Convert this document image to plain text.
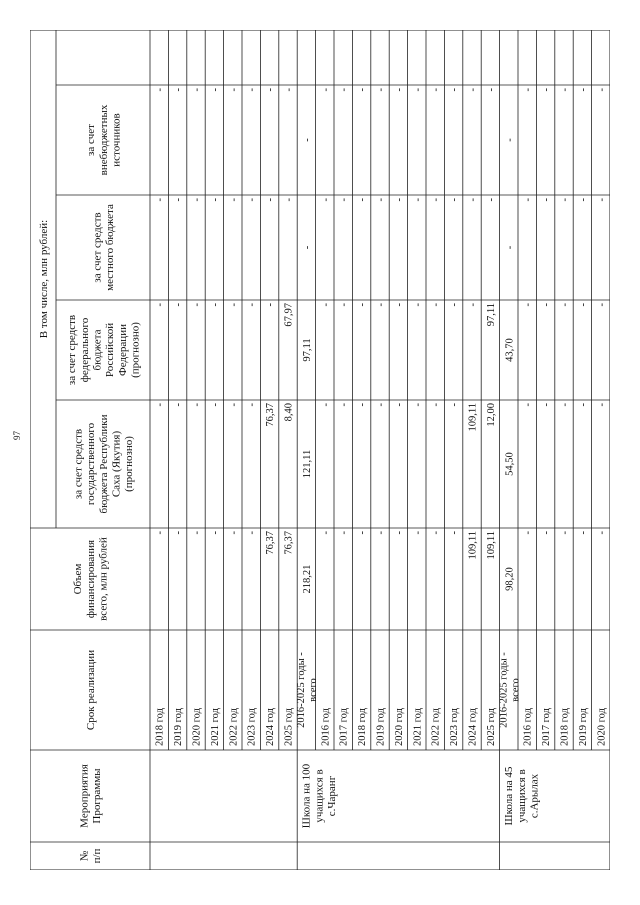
97
№п/п
МероприятияПрограммы
Срок реализации
Объемфинансированиявсего, млн рублей
В том числе, млн рублей:
за счет средствгосударственногобюджета РеспубликиСаха (Якутия)(прогнозно)
за счет средствфедеральногобюджетаРоссийскойФедерации(прогнозно)
за счет средствместного бюджета
за счетвнебюджетныхисточников
2018 год
-
-
-
-
-
2019 год
-
-
-
-
-
2020 год
-
-
-
-
-
2021 год
-
-
-
-
-
2022 год
-
-
-
-
-
2023 год
-
-
-
-
-
2024 год
76,37
76,37
-
-
-
2025 год
76,37
8,40
67,97
-
-
2016-2025 годы -всего
218,21
121,11
97,11
-
-
Школа на 100учащихся вс.Чаранг
2016 год
-
-
-
-
-
2017 год
-
-
-
-
-
2018 год
-
-
-
-
-
2019 год
-
-
-
-
-
2020 год
-
-
-
-
-
2021 год
-
-
-
-
-
2022 год
-
-
-
-
-
2023 год
-
-
-
-
-
2024 год
109,11
109,11
-
-
-
2025 год
109,11
12,00
97,11
-
-
2016-2025 годы -всего
98,20
54,50
43,70
-
-
Школа на 45учащихся вс.Арылах
2016 год
-
-
-
-
-
2017 год
-
-
-
-
-
2018 год
-
-
-
-
-
2019 год
-
-
-
-
-
2020 год
-
-
-
-
-
